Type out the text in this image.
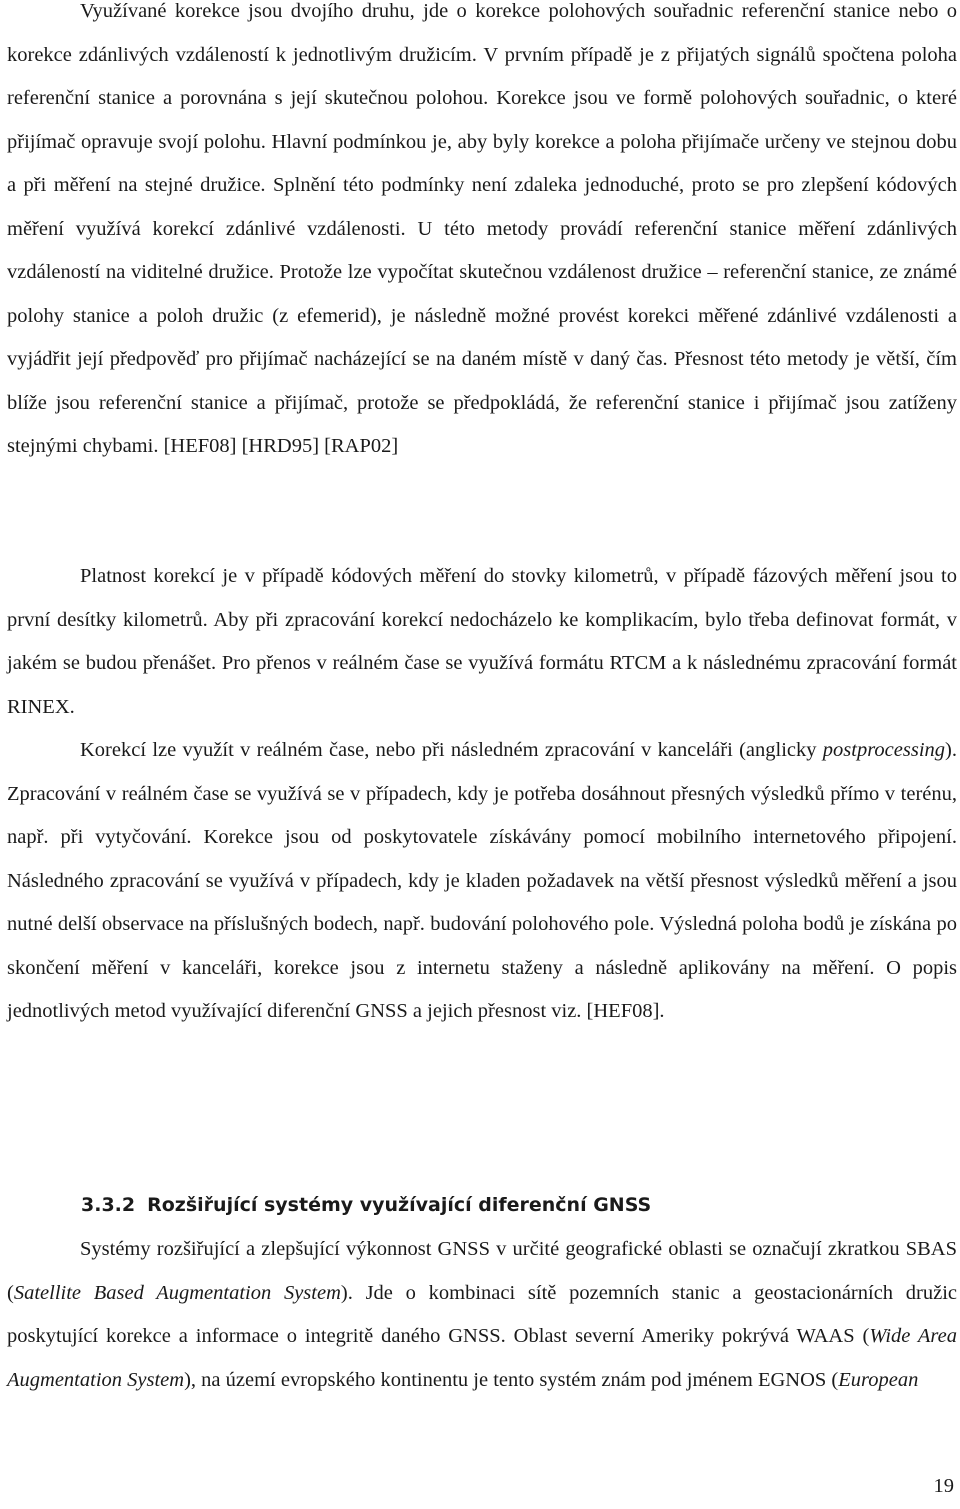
Využívané korekce jsou dvojího druhu, jde o korekce polohových souřadnic referenční stanice nebo o korekce zdánlivých vzdáleností k jednotlivým družicím. V prvním případě je z přijatých signálů spočtena poloha referenční stanice a porovnána s její skutečnou polohou. Korekce jsou ve formě polohových souřadnic, o které přijímač opravuje svojí polohu. Hlavní podmínkou je, aby byly korekce a poloha přijímače určeny ve stejnou dobu a při měření na stejné družice. Splnění této podmínky není zdaleka jednoduché, proto se pro zlepšení kódových měření využívá korekcí zdánlivé vzdálenosti. U této metody provádí referenční stanice měření zdánlivých vzdáleností na viditelné družice. Protože lze vypočítat skutečnou vzdálenost družice – referenční stanice, ze známé polohy stanice a poloh družic (z efemerid), je následně možné provést korekci měřené zdánlivé vzdálenosti a vyjádřit její předpověď pro přijímač nacházející se na daném místě v daný čas. Přesnost této metody je větší, čím blíže jsou referenční stanice a přijímač, protože se předpokládá, že referenční stanice i přijímač jsou zatíženy stejnými chybami. [HEF08] [HRD95] [RAP02]

Platnost korekcí je v případě kódových měření do stovky kilometrů, v případě fázových měření jsou to první desítky kilometrů. Aby při zpracování korekcí nedocházelo ke komplikacím, bylo třeba definovat formát, v jakém se budou přenášet. Pro přenos v reálném čase se využívá formátu RTCM a k následnému zpracování formát RINEX.

Korekcí lze využít v reálném čase, nebo při následném zpracování v kanceláři (anglicky postprocessing). Zpracování v reálném čase se využívá se v případech, kdy je potřeba dosáhnout přesných výsledků přímo v terénu, např. při vytyčování. Korekce jsou od poskytovatele získávány pomocí mobilního internetového připojení. Následného zpracování se využívá v případech, kdy je kladen požadavek na větší přesnost výsledků měření a jsou nutné delší observace na příslušných bodech, např. budování polohového pole. Výsledná poloha bodů je získána po skončení měření v kanceláři, korekce jsou z internetu staženy a následně aplikovány na měření. O popis jednotlivých metod využívající diferenční GNSS a jejich přesnost viz. [HEF08].

3.3.2 Rozšiřující systémy využívající diferenční GNSS

Systémy rozšiřující a zlepšující výkonnost GNSS v určité geografické oblasti se označují zkratkou SBAS (Satellite Based Augmentation System). Jde o kombinaci sítě pozemních stanic a geostacionárních družic poskytující korekce a informace o integritě daného GNSS. Oblast severní Ameriky pokrývá WAAS (Wide Area Augmentation System), na území evropského kontinentu je tento systém znám pod jménem EGNOS (European

19
